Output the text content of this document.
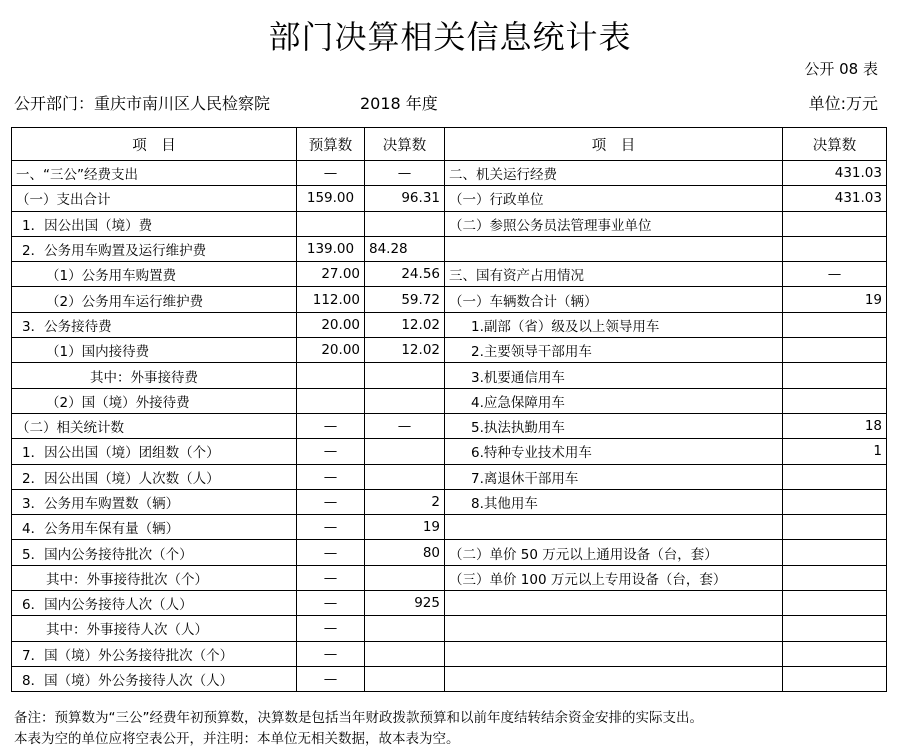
部门决算相关信息统计表
公开 08 表
公开部门：重庆市南川区人民检察院	2018 年度	单位:万元
项　目	预算数	决算数	项　目	决算数
一、“三公”经费支出	—	—	二、机关运行经费	431.03
（一）支出合计	159.00	96.31	（一）行政单位	431.03
1．因公出国（境）费			（二）参照公务员法管理事业单位	
2．公务用车购置及运行维护费	139.00	84.28		
（1）公务用车购置费	27.00	24.56	三、国有资产占用情况	—
（2）公务用车运行维护费	112.00	59.72	（一）车辆数合计（辆）	19
3．公务接待费	20.00	12.02	1.副部（省）级及以上领导用车	
（1）国内接待费	20.00	12.02	2.主要领导干部用车	
其中：外事接待费			3.机要通信用车	
（2）国（境）外接待费			4.应急保障用车	
（二）相关统计数	—	—	5.执法执勤用车	18
1．因公出国（境）团组数（个）	—		6.特种专业技术用车	1
2．因公出国（境）人次数（人）	—		7.离退休干部用车	
3．公务用车购置数（辆）	—	2	8.其他用车	
4．公务用车保有量（辆）	—	19		
5．国内公务接待批次（个）	—	80	（二）单价 50 万元以上通用设备（台，套）	
其中：外事接待批次（个）	—		（三）单价 100 万元以上专用设备（台，套）	
6．国内公务接待人次（人）	—	925		
其中：外事接待人次（人）	—			
7．国（境）外公务接待批次（个）	—			
8．国（境）外公务接待人次（人）	—			
备注：预算数为“三公”经费年初预算数，决算数是包括当年财政拨款预算和以前年度结转结余资金安排的实际支出。
本表为空的单位应将空表公开，并注明：本单位无相关数据，故本表为空。
